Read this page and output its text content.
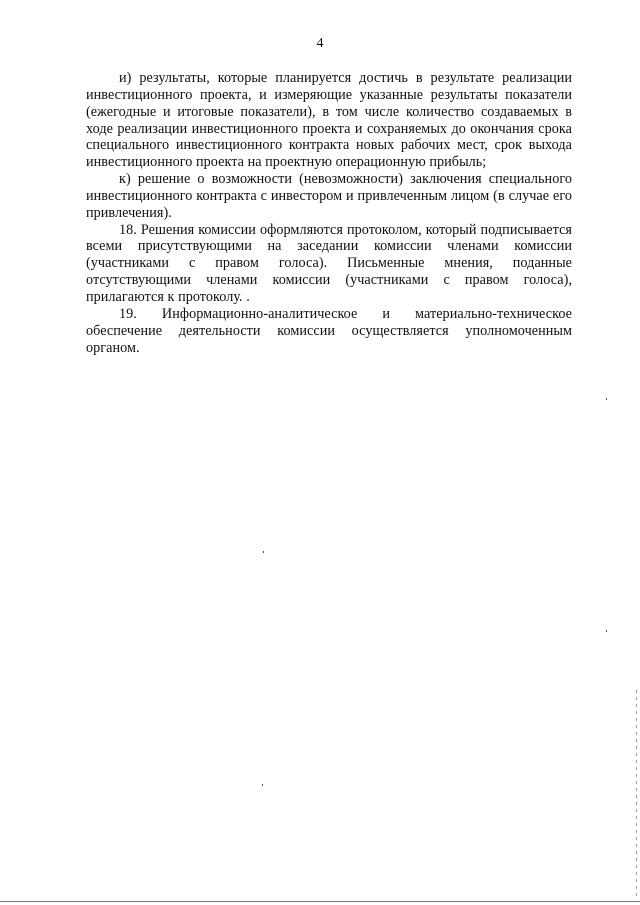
4

и) результаты, которые планируется достичь в результате реализации инвестиционного проекта, и измеряющие указанные результаты показатели (ежегодные и итоговые показатели), в том числе количество создаваемых в ходе реализации инвестиционного проекта и сохраняемых до окончания срока специального инвестиционного контракта новых рабочих мест, срок выхода инвестиционного проекта на проектную операционную прибыль;

к) решение о возможности (невозможности) заключения специального инвестиционного контракта с инвестором и привлеченным лицом (в случае его привлечения).

18. Решения комиссии оформляются протоколом, который подписывается всеми присутствующими на заседании комиссии членами комиссии (участниками с правом голоса). Письменные мнения, поданные отсутствующими членами комиссии (участниками с правом голоса), прилагаются к протоколу. .

19. Информационно-аналитическое и материально-техническое обеспечение деятельности комиссии осуществляется уполномоченным органом.
